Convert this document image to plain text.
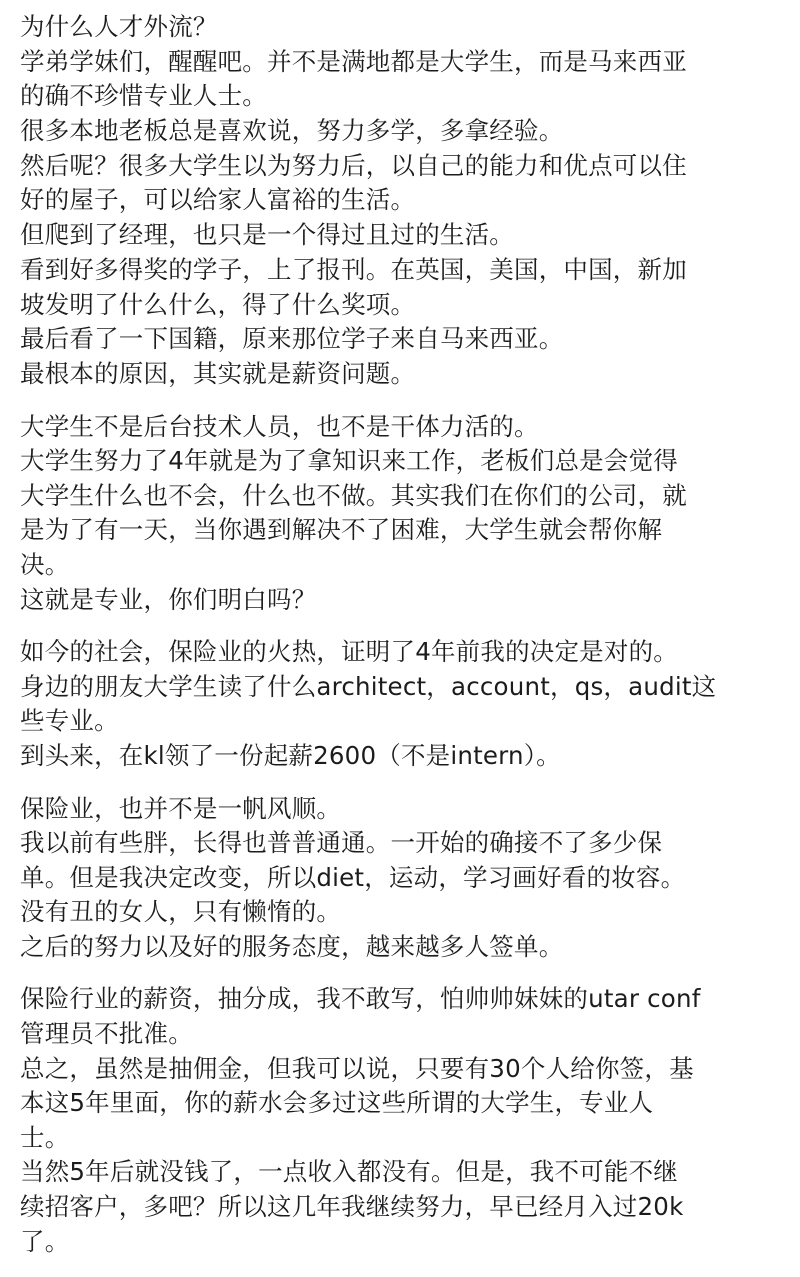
为什么人才外流？
学弟学妹们，醒醒吧。并不是满地都是大学生，而是马来西亚
的确不珍惜专业人士。
很多本地老板总是喜欢说，努力多学，多拿经验。
然后呢？很多大学生以为努力后，以自己的能力和优点可以住
好的屋子，可以给家人富裕的生活。
但爬到了经理，也只是一个得过且过的生活。
看到好多得奖的学子，上了报刊。在英国，美国，中国，新加
坡发明了什么什么，得了什么奖项。
最后看了一下国籍，原来那位学子来自马来西亚。
最根本的原因，其实就是薪资问题。
大学生不是后台技术人员，也不是干体力活的。
大学生努力了4年就是为了拿知识来工作，老板们总是会觉得
大学生什么也不会，什么也不做。其实我们在你们的公司，就
是为了有一天，当你遇到解决不了困难，大学生就会帮你解
决。
这就是专业，你们明白吗？
如今的社会，保险业的火热，证明了4年前我的决定是对的。
身边的朋友大学生读了什么architect，account，qs，audit这
些专业。
到头来，在kl领了一份起薪2600（不是intern）。
保险业，也并不是一帆风顺。
我以前有些胖，长得也普普通通。一开始的确接不了多少保
单。但是我决定改变，所以diet，运动，学习画好看的妆容。
没有丑的女人，只有懒惰的。
之后的努力以及好的服务态度，越来越多人签单。
保险行业的薪资，抽分成，我不敢写，怕帅帅妹妹的utar conf
管理员不批准。
总之，虽然是抽佣金，但我可以说，只要有30个人给你签，基
本这5年里面，你的薪水会多过这些所谓的大学生，专业人
士。
当然5年后就没钱了，一点收入都没有。但是，我不可能不继
续招客户，多吧？所以这几年我继续努力，早已经月入过20k
了。
